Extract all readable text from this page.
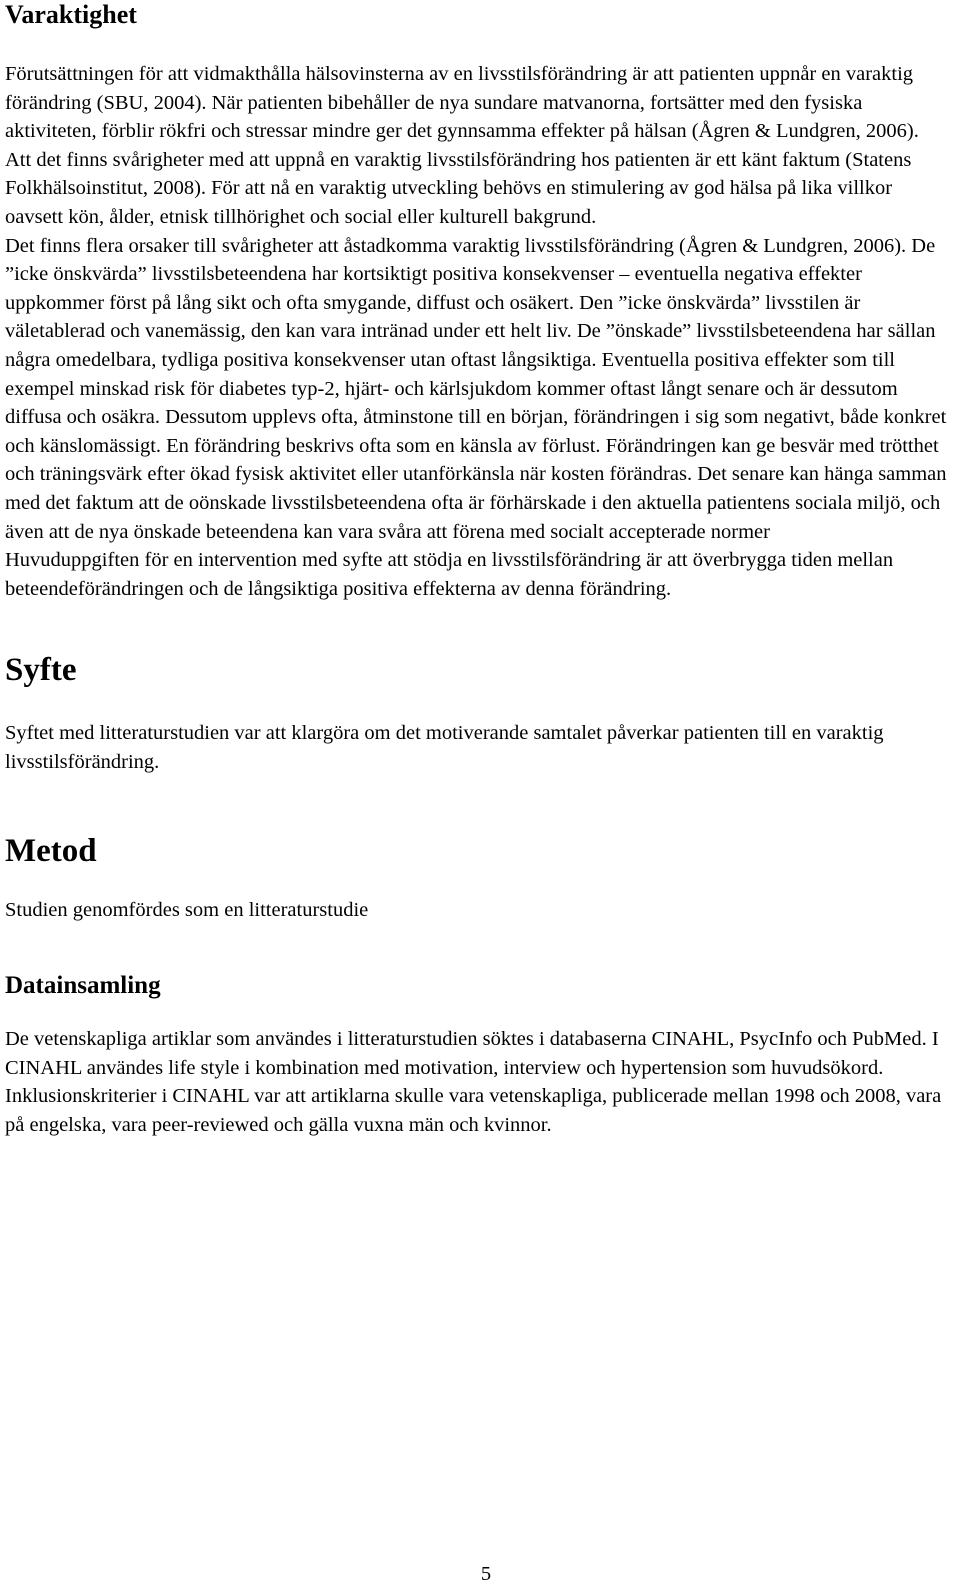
Varaktighet

Förutsättningen för att vidmakthålla hälsovinsterna av en livsstilsförändring är att patienten uppnår en varaktig förändring (SBU, 2004). När patienten bibehåller de nya sundare matvanorna, fortsätter med den fysiska aktiviteten, förblir rökfri och stressar mindre ger det gynnsamma effekter på hälsan (Ågren & Lundgren, 2006).

Att det finns svårigheter med att uppnå en varaktig livsstilsförändring hos patienten är ett känt faktum (Statens Folkhälsoinstitut, 2008). För att nå en varaktig utveckling behövs en stimulering av god hälsa på lika villkor oavsett kön, ålder, etnisk tillhörighet och social eller kulturell bakgrund.

Det finns flera orsaker till svårigheter att åstadkomma varaktig livsstilsförändring (Ågren & Lundgren, 2006). De ”icke önskvärda” livsstilsbeteendena har kortsiktigt positiva konsekvenser – eventuella negativa effekter uppkommer först på lång sikt och ofta smygande, diffust och osäkert. Den ”icke önskvärda” livsstilen är väletablerad och vanemässig, den kan vara intränad under ett helt liv. De ”önskade” livsstilsbeteendena har sällan några omedelbara, tydliga positiva konsekvenser utan oftast långsiktiga. Eventuella positiva effekter som till exempel minskad risk för diabetes typ-2, hjärt- och kärlsjukdom kommer oftast långt senare och är dessutom diffusa och osäkra. Dessutom upplevs ofta, åtminstone till en början, förändringen i sig som negativt, både konkret och känslomässigt. En förändring beskrivs ofta som en känsla av förlust. Förändringen kan ge besvär med trötthet och träningsvärk efter ökad fysisk aktivitet eller utanförkänsla när kosten förändras. Det senare kan hänga samman med det faktum att de oönskade livsstilsbeteendena ofta är förhärskade i den aktuella patientens sociala miljö, och även att de nya önskade beteendena kan vara svåra att förena med socialt accepterade normer

Huvuduppgiften för en intervention med syfte att stödja en livsstilsförändring är att överbrygga tiden mellan beteendeförändringen och de långsiktiga positiva effekterna av denna förändring.

Syfte

Syftet med litteraturstudien var att klargöra om det motiverande samtalet påverkar patienten till en varaktig livsstilsförändring.

Metod

Studien genomfördes som en litteraturstudie

Datainsamling

De vetenskapliga artiklar som användes i litteraturstudien söktes i databaserna CINAHL, PsycInfo och PubMed. I CINAHL användes life style i kombination med motivation, interview och hypertension som huvudsökord. Inklusionskriterier i CINAHL var att artiklarna skulle vara vetenskapliga, publicerade mellan 1998 och 2008, vara på engelska, vara peer-reviewed och gälla vuxna män och kvinnor.

5
